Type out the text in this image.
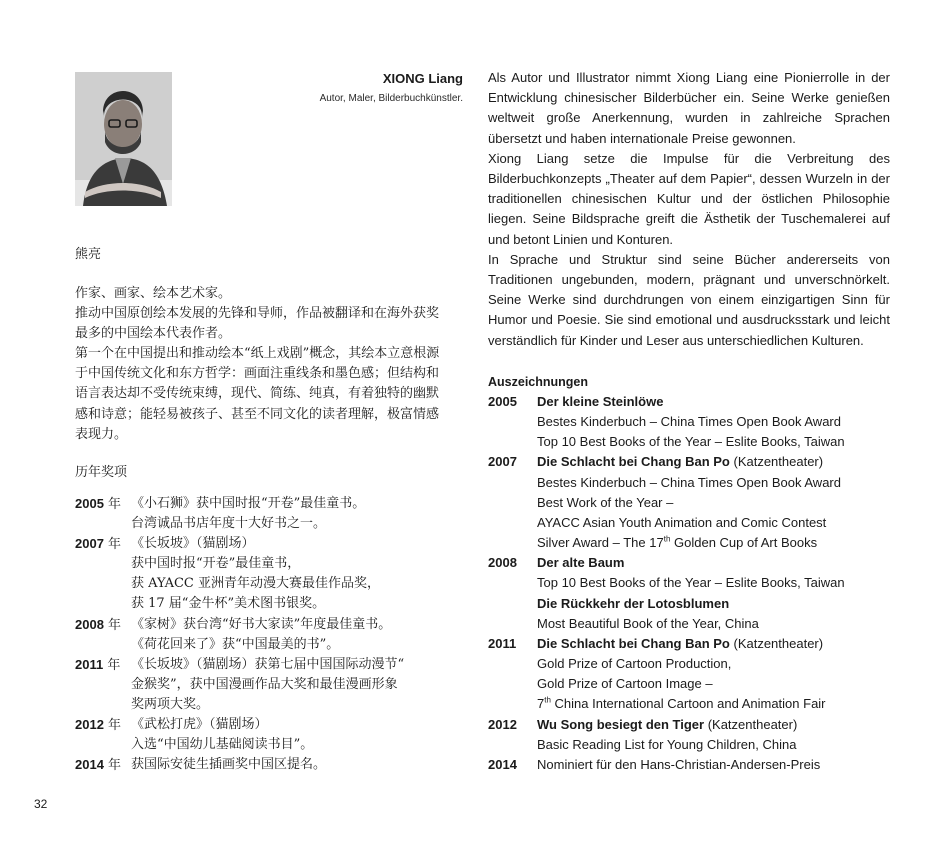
XIONG Liang
Autor, Maler, Bilderbuchkünstler.
熊亮

作家、画家、绘本艺术家。

推动中国原创绘本发展的先锋和导师，作品被翻译和在海外获奖最多的中国绘本代表作者。

第一个在中国提出和推动绘本“纸上戏剧”概念，其绘本立意根源于中国传统文化和东方哲学：画面注重线条和墨色感；但结构和语言表达却不受传统束缚，现代、简练、纯真，有着独特的幽默感和诗意；能轻易被孩子、甚至不同文化的读者理解，极富情感表现力。

历年奖项
2005 年 《小石狮》获中国时报“开卷”最佳童书。
台湾诚品书店年度十大好书之一。
2007 年 《长坂坡》（猫剧场）
获中国时报“开卷”最佳童书，
获 AYACC 亚洲青年动漫大赛最佳作品奖，
获 17 届“金牛杯”美术图书银奖。
2008 年 《家树》获台湾“好书大家读”年度最佳童书。
《荷花回来了》获“中国最美的书”。
2011 年 《长坂坡》（猫剧场）获第七届中国国际动漫节“
金猴奖”，获中国漫画作品大奖和最佳漫画形象
奖两项大奖。
2012 年 《武松打虎》（猫剧场）
入选“中国幼儿基础阅读书目”。
2014 年 获国际安徒生插画奖中国区提名。

Als Autor und Illustrator nimmt Xiong Liang eine Pionierrolle in der Entwicklung chinesischer Bilderbücher ein. Seine Werke genießen weltweit große Anerkennung, wurden in zahlreiche Sprachen übersetzt und haben internationale Preise gewonnen.

Xiong Liang setze die Impulse für die Verbreitung des Bilderbuchkonzepts „Theater auf dem Papier“, dessen Wurzeln in der traditionellen chinesischen Kultur und der östlichen Philosophie liegen. Seine Bildsprache greift die Ästhetik der Tuschemalerei auf und betont Linien und Konturen.

In Sprache und Struktur sind seine Bücher andererseits von Traditionen ungebunden, modern, prägnant und unverschnörkelt. Seine Werke sind durchdrungen von einem einzigartigen Sinn für Humor und Poesie. Sie sind emotional und ausdrucksstark und leicht verständlich für Kinder und Leser aus unterschiedlichen Kulturen.

Auszeichnungen
2005	Der kleine Steinlöwe
Bestes Kinderbuch – China Times Open Book Award
Top 10 Best Books of the Year – Eslite Books, Taiwan
2007	Die Schlacht bei Chang Ban Po (Katzentheater)
Bestes Kinderbuch – China Times Open Book Award
Best Work of the Year –
AYACC Asian Youth Animation and Comic Contest
Silver Award – The 17th Golden Cup of Art Books
2008	Der alte Baum
Top 10 Best Books of the Year – Eslite Books, Taiwan
Die Rückkehr der Lotosblumen
Most Beautiful Book of the Year, China
2011	Die Schlacht bei Chang Ban Po (Katzentheater)
Gold Prize of Cartoon Production,
Gold Prize of Cartoon Image –
7th China International Cartoon and Animation Fair
2012	Wu Song besiegt den Tiger (Katzentheater)
Basic Reading List for Young Children, China
2014	Nominiert für den Hans-Christian-Andersen-Preis
32
